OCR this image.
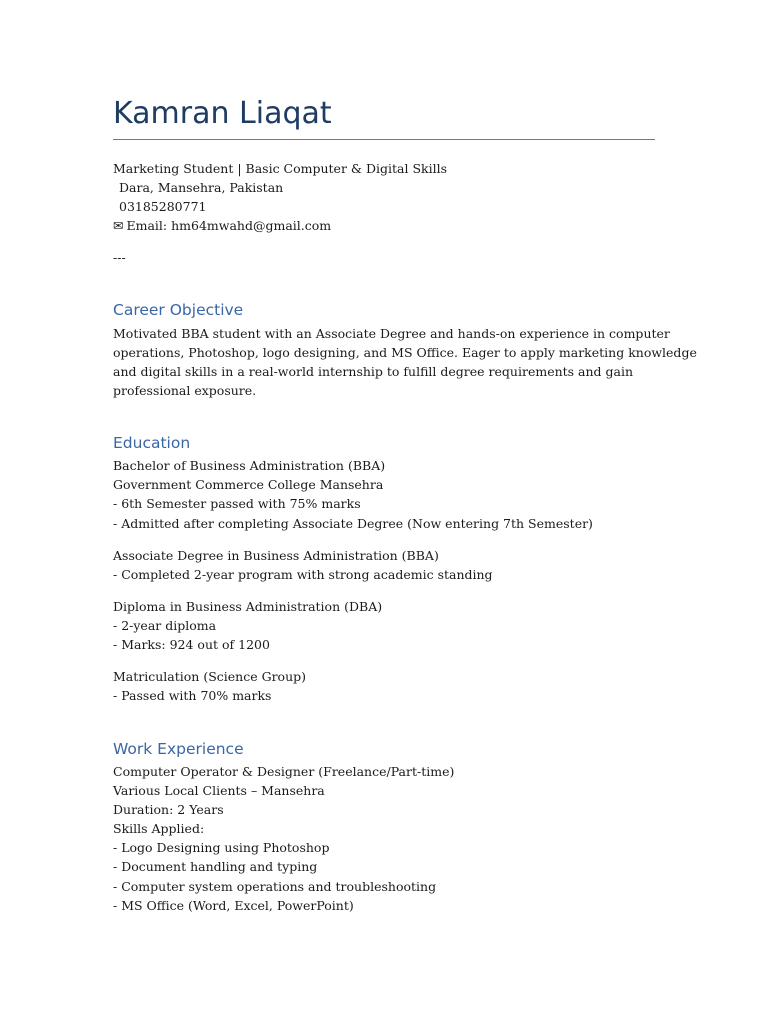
Kamran Liaqat

Marketing Student | Basic Computer & Digital Skills

Dara, Mansehra, Pakistan

03185280771

✉ Email: hm64mwahd@gmail.com

---

Career Objective

Motivated BBA student with an Associate Degree and hands-on experience in computer

operations, Photoshop, logo designing, and MS Office. Eager to apply marketing knowledge

and digital skills in a real-world internship to fulfill degree requirements and gain

professional exposure.

Education

Bachelor of Business Administration (BBA)

Government Commerce College Mansehra

- 6th Semester passed with 75% marks

- Admitted after completing Associate Degree (Now entering 7th Semester)

Associate Degree in Business Administration (BBA)

- Completed 2-year program with strong academic standing

Diploma in Business Administration (DBA)

- 2-year diploma

- Marks: 924 out of 1200

Matriculation (Science Group)

- Passed with 70% marks

Work Experience

Computer Operator & Designer (Freelance/Part-time)

Various Local Clients – Mansehra

Duration: 2 Years

Skills Applied:

- Logo Designing using Photoshop

- Document handling and typing

- Computer system operations and troubleshooting

- MS Office (Word, Excel, PowerPoint)
